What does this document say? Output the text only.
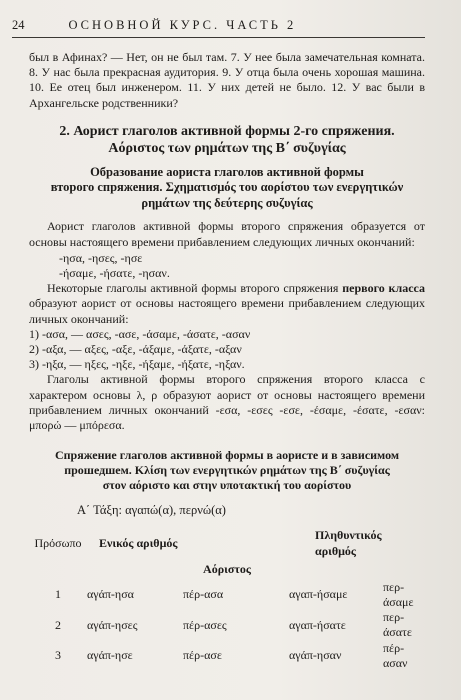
24	ОСНОВНОЙ КУРС. ЧАСТЬ 2

был в Афинах? — Нет, он не был там. 7. У нее была замечательная комната. 8. У нас была прекрасная аудитория. 9. У отца была очень хорошая машина. 10. Ее отец был инженером. 11. У них детей не было. 12. У вас были в Архангельске родственники?

2. Аорист глаголов активной формы 2-го спряжения.
Αόριστος των ρημάτων της Β΄ συζυγίας
Образование аориста глаголов активной формы
второго спряжения. Σχηματισμός του αορίστου των ενεργητικών
ρημάτων της δεύτερης συζυγίας

Аорист глаголов активной формы второго спряжения образуется от основы настоящего времени прибавлением следующих личных окончаний:

-ησα, -ησες, -ησε
-ήσαμε, -ήσατε, -ησαν.

Некоторые глаголы активной формы второго спряжения первого класса образуют аорист от основы настоящего времени прибавлением следующих личных окончаний:

1) -ασα, — ασες, -ασε, -άσαμε, -άσατε, -ασαν
2) -αξα, — αξες, -αξε, -άξαμε, -άξατε, -αξαν
3) -ηξα, — ηξες, -ηξε, -ήξαμε, -ήξατε, -ηξαν.

Глаголы активной формы второго спряжения второго класса с характером основы λ, ρ образуют аорист от основы настоящего времени прибавлением личных окончаний -εσα, -εσες -εσε, -έσαμε, -έσατε, -εσαν: μπορώ — μπόρεσα.

Спряжение глаголов активной формы в аористе и в зависимом
прошедшем. Κλίση των ενεργητικών ρημάτων της Β΄ συζυγίας
στον αόριστο και στην υποτακτική του αορίστου
Α΄ Τάξη: αγαπώ(α), περνώ(α)
Πρόσωπο	Ενικός αριθμός		Πληθυντικός αριθμός	
Αόριστος				
1	αγάπ-ησα	πέρ-ασα	αγαπ-ήσαμε	περ-άσαμε
2	αγάπ-ησες	πέρ-ασες	αγαπ-ήσατε	περ-άσατε
3	αγάπ-ησε	πέρ-ασε	αγάπ-ησαν	πέρ-ασαν
